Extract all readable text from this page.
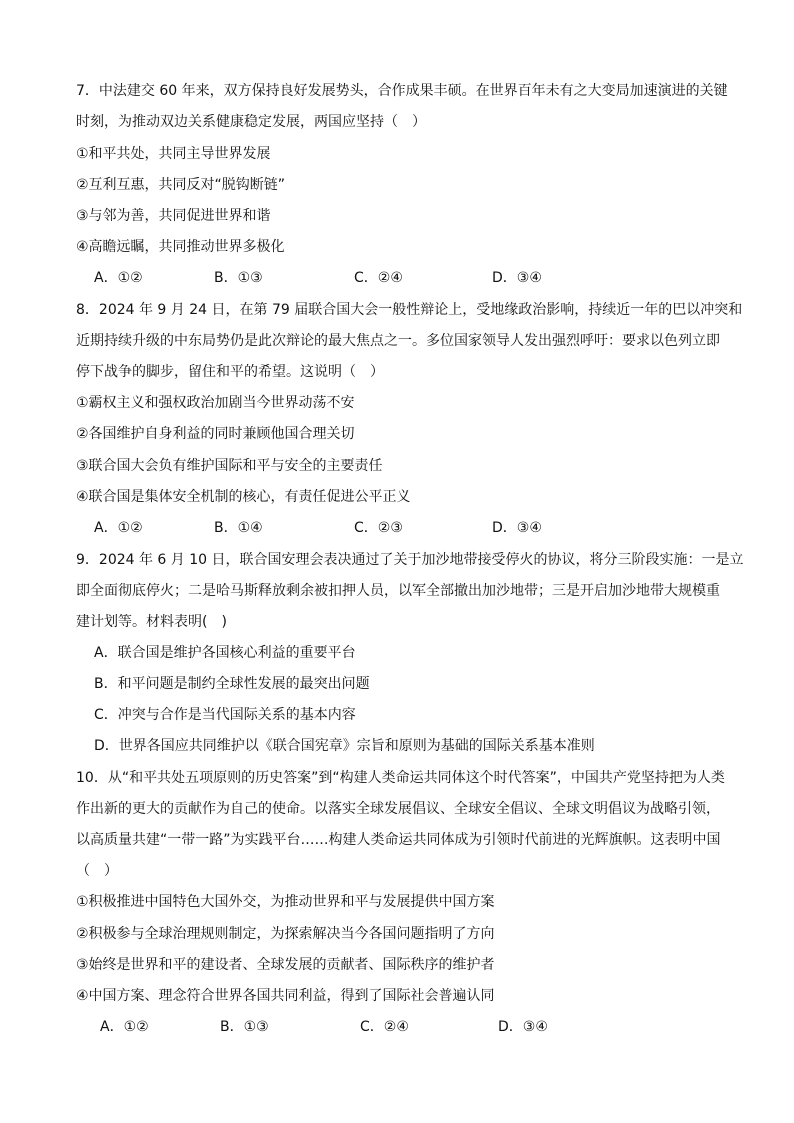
7．中法建交 60 年来，双方保持良好发展势头，合作成果丰硕。在世界百年未有之大变局加速演进的关键
时刻，为推动双边关系健康稳定发展，两国应坚持（　）
①和平共处，共同主导世界发展
②互利互惠，共同反对“脱钩断链”
③与邻为善，共同促进世界和谐
④高瞻远瞩，共同推动世界多极化
A．①②	B．①③	C．②④	D．③④
8．2024 年 9 月 24 日，在第 79 届联合国大会一般性辩论上，受地缘政治影响，持续近一年的巴以冲突和
近期持续升级的中东局势仍是此次辩论的最大焦点之一。多位国家领导人发出强烈呼吁：要求以色列立即
停下战争的脚步，留住和平的希望。这说明（　）
①霸权主义和强权政治加剧当今世界动荡不安
②各国维护自身利益的同时兼顾他国合理关切
③联合国大会负有维护国际和平与安全的主要责任
④联合国是集体安全机制的核心，有责任促进公平正义
A．①②	B．①④	C．②③	D．③④
9．2024 年 6 月 10 日，联合国安理会表决通过了关于加沙地带接受停火的协议，将分三阶段实施：一是立
即全面彻底停火；二是哈马斯释放剩余被扣押人员，以军全部撤出加沙地带；三是开启加沙地带大规模重
建计划等。材料表明(　)
A．联合国是维护各国核心利益的重要平台
B．和平问题是制约全球性发展的最突出问题
C．冲突与合作是当代国际关系的基本内容
D．世界各国应共同维护以《联合国宪章》宗旨和原则为基础的国际关系基本准则
10．从“和平共处五项原则的历史答案”到“构建人类命运共同体这个时代答案”，中国共产党坚持把为人类
作出新的更大的贡献作为自己的使命。以落实全球发展倡议、全球安全倡议、全球文明倡议为战略引领，
以高质量共建“一带一路”为实践平台……构建人类命运共同体成为引领时代前进的光辉旗帜。这表明中国
（　）
①积极推进中国特色大国外交，为推动世界和平与发展提供中国方案
②积极参与全球治理规则制定，为探索解决当今各国问题指明了方向
③始终是世界和平的建设者、全球发展的贡献者、国际秩序的维护者
④中国方案、理念符合世界各国共同利益，得到了国际社会普遍认同
A．①②	B．①③	C．②④	D．③④
